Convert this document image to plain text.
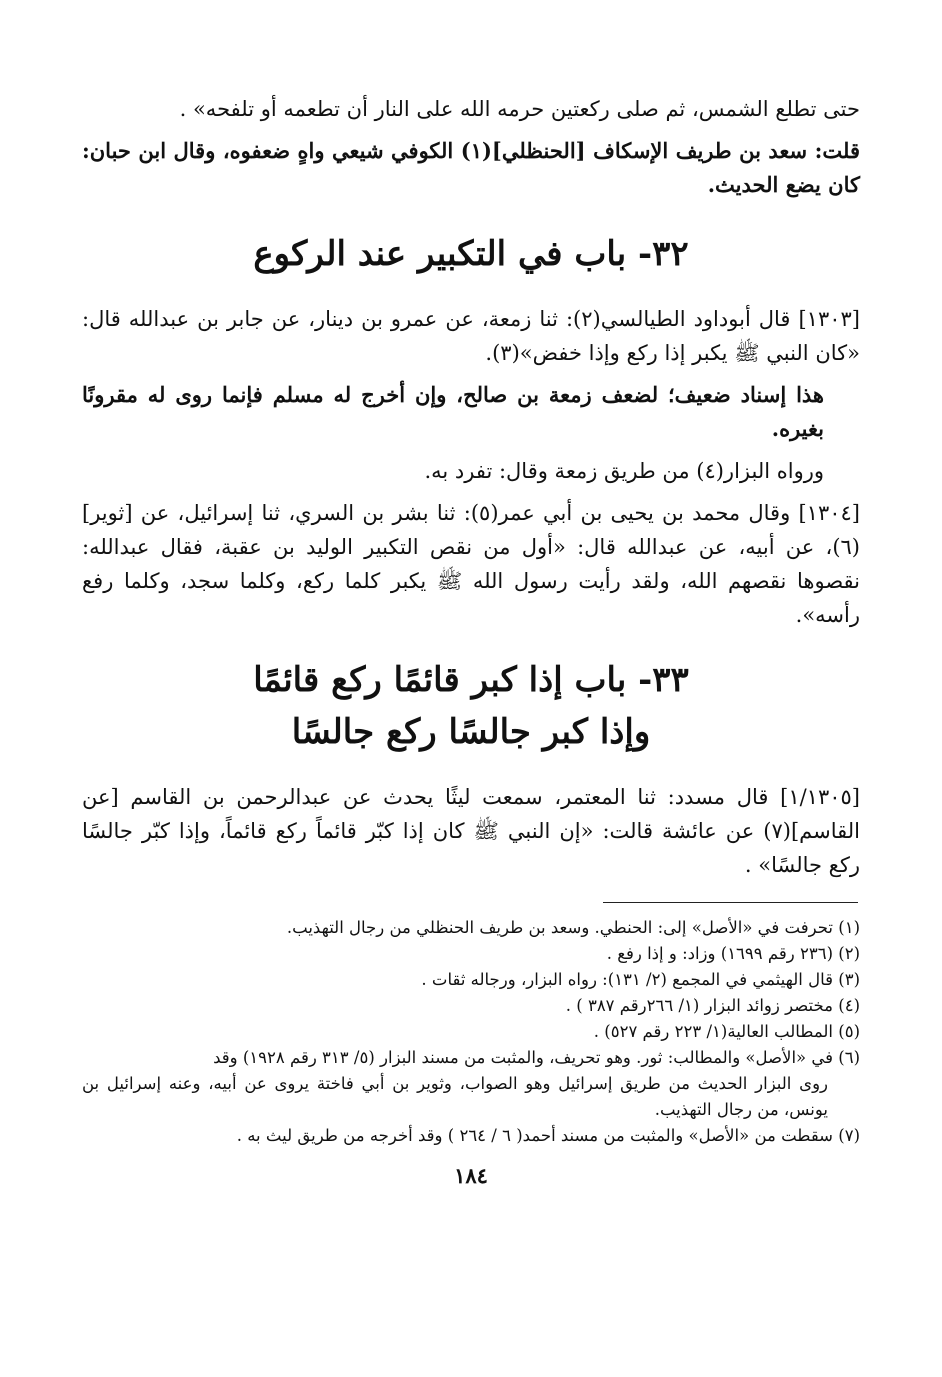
حتى تطلع الشمس، ثم صلى ركعتين حرمه الله على النار أن تطعمه أو تلفحه» .

قلت: سعد بن طريف الإسكاف [الحنظلي](١) الكوفي شيعي واهٍ ضعفوه، وقال ابن حبان: كان يضع الحديث.

٣٢- باب في التكبير عند الركوع

[١٣٠٣] قال أبوداود الطيالسي(٢): ثنا زمعة، عن عمرو بن دينار، عن جابر بن عبدالله قال: «كان النبي ﷺ يكبر إذا ركع وإذا خفض»(٣).

هذا إسناد ضعيف؛ لضعف زمعة بن صالح، وإن أخرج له مسلم فإنما روى له مقرونًا بغيره.

ورواه البزار(٤) من طريق زمعة وقال: تفرد به.

[١٣٠٤] وقال محمد بن يحيى بن أبي عمر(٥): ثنا بشر بن السري، ثنا إسرائيل، عن [ثوير](٦)، عن أبيه، عن عبدالله قال: «أول من نقص التكبير الوليد بن عقبة، فقال عبدالله: نقصوها نقصهم الله، ولقد رأيت رسول الله ﷺ يكبر كلما ركع، وكلما سجد، وكلما رفع رأسه».

٣٣- باب إذا كبر قائمًا ركع قائمًا
وإذا كبر جالسًا ركع جالسًا

[١/١٣٠٥] قال مسدد: ثنا المعتمر، سمعت ليثًا يحدث عن عبدالرحمن بن القاسم [عن القاسم](٧) عن عائشة قالت: «إن النبي ﷺ كان إذا كبّر قائماً ركع قائماً، وإذا كبّر جالسًا ركع جالسًا» .

(١) تحرفت في «الأصل» إلى: الحنطي. وسعد بن طريف الحنظلي من رجال التهذيب.

(٢) (٢٣٦ رقم ١٦٩٩) وزاد: و إذا رفع .

(٣) قال الهيثمي في المجمع (٢/ ١٣١): رواه البزار، ورجاله ثقات .

(٤) مختصر زوائد البزار (١/ ٢٦٦رقم ٣٨٧ ) .

(٥) المطالب العالية(١/ ٢٢٣ رقم ٥٢٧) .

(٦) في «الأصل» والمطالب: ثور. وهو تحريف، والمثبت من مسند البزار (٥/ ٣١٣ رقم ١٩٢٨) وقد

روى البزار الحديث من طريق إسرائيل وهو الصواب، وثوير بن أبي فاختة يروى عن أبيه، وعنه إسرائيل بن يونس، من رجال التهذيب.

(٧) سقطت من «الأصل» والمثبت من مسند أحمد( ٦ / ٢٦٤ ) وقد أخرجه من طريق ليث به .

١٨٤
